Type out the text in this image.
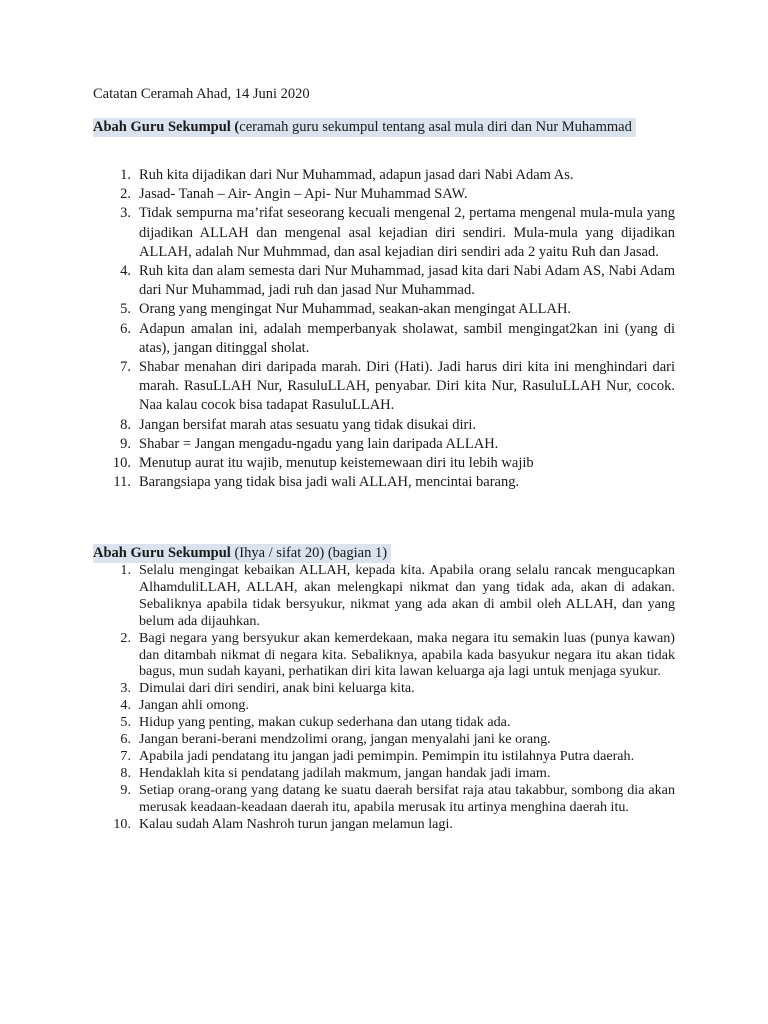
Catatan Ceramah Ahad, 14 Juni 2020
Abah Guru Sekumpul (ceramah guru sekumpul tentang asal mula diri dan Nur Muhammad
1. Ruh kita dijadikan dari Nur Muhammad, adapun jasad dari Nabi Adam As.
2. Jasad- Tanah – Air- Angin – Api- Nur Muhammad SAW.
3. Tidak sempurna ma’rifat seseorang kecuali mengenal 2, pertama mengenal mula-mula yang dijadikan ALLAH dan mengenal asal kejadian diri sendiri. Mula-mula yang dijadikan ALLAH, adalah Nur Muhmmad, dan asal kejadian diri sendiri ada 2 yaitu Ruh dan Jasad.
4. Ruh kita dan alam semesta dari Nur Muhammad, jasad kita dari Nabi Adam AS, Nabi Adam dari Nur Muhammad, jadi ruh dan jasad Nur Muhammad.
5. Orang yang mengingat Nur Muhammad, seakan-akan mengingat ALLAH.
6. Adapun amalan ini, adalah memperbanyak sholawat, sambil mengingat2kan ini (yang di atas), jangan ditinggal sholat.
7. Shabar menahan diri daripada marah. Diri (Hati). Jadi harus diri kita ini menghindari dari marah. RasuLLAH Nur, RasuluLLAH, penyabar. Diri kita Nur, RasuluLLAH Nur, cocok. Naa kalau cocok bisa tadapat RasuluLLAH.
8. Jangan bersifat marah atas sesuatu yang tidak disukai diri.
9. Shabar = Jangan mengadu-ngadu yang lain daripada ALLAH.
10. Menutup aurat itu wajib, menutup keistemewaan diri itu lebih wajib
11. Barangsiapa yang tidak bisa jadi wali ALLAH, mencintai barang.
Abah Guru Sekumpul (Ihya / sifat 20) (bagian 1)
1. Selalu mengingat kebaikan ALLAH, kepada kita. Apabila orang selalu rancak mengucapkan AlhamduliLLAH, ALLAH, akan melengkapi nikmat dan yang tidak ada, akan di adakan. Sebaliknya apabila tidak bersyukur, nikmat yang ada akan di ambil oleh ALLAH, dan yang belum ada dijauhkan.
2. Bagi negara yang bersyukur akan kemerdekaan, maka negara itu semakin luas (punya kawan) dan ditambah nikmat di negara kita. Sebaliknya, apabila kada basyukur negara itu akan tidak bagus, mun sudah kayani, perhatikan diri kita lawan keluarga aja lagi untuk menjaga syukur.
3. Dimulai dari diri sendiri, anak bini keluarga kita.
4. Jangan ahli omong.
5. Hidup yang penting, makan cukup sederhana dan utang tidak ada.
6. Jangan berani-berani mendzolimi orang, jangan menyalahi jani ke orang.
7. Apabila jadi pendatang itu jangan jadi pemimpin. Pemimpin itu istilahnya Putra daerah.
8. Hendaklah kita si pendatang jadilah makmum, jangan handak jadi imam.
9. Setiap orang-orang yang datang ke suatu daerah bersifat raja atau takabbur, sombong dia akan merusak keadaan-keadaan daerah itu, apabila merusak itu artinya menghina daerah itu.
10. Kalau sudah Alam Nashroh turun jangan melamun lagi.
